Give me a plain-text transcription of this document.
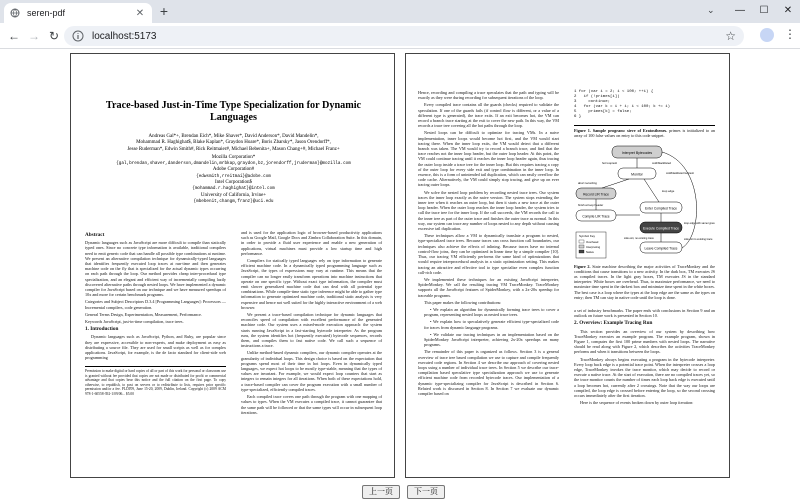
seren-pdf	✕ +	⌄	—	☐	✕
← → ↻	localhost:5173	☆	⋮
Trace-based Just-in-Time Type Specialization for Dynamic Languages
Andreas Gal*+, Brendan Eich*, Mike Shaver*, David Anderson*, David Mandelin*,
Mohammad R. Haghighat$, Blake Kaplan*, Graydon Hoare*, Boris Zbarsky*, Jason Orendorff*,
Jesse Ruderman*, Edwin Smith#, Rick Reitmaier#, Michael Bebenita+, Mason Chang+#, Michael Franz+
Mozilla Corporation*
{gal,brendan,shaver,danderson,dmandelin,mrbkap,graydon,bz,jorendorff,jruderman}@mozilla.com
Adobe Corporation#
{edwsmith,rreitmai}@adobe.com
Intel Corporation$
{mohammad.r.haghighat}@intel.com
University of California, Irvine+
{mbebenit,changm,franz}@uci.edu
Abstract

Dynamic languages such as JavaScript are more difficult to compile than statically typed ones. Since no concrete type information is available, traditional compilers need to emit generic code that can handle all possible type combinations at runtime. We present an alternative compilation technique for dynamically-typed languages that identifies frequently executed loop traces at run-time and then generates machine code on the fly that is specialized for the actual dynamic types occurring on each path through the loop. Our method provides cheap inter-procedural type specialization, and an elegant and efficient way of incrementally compiling lazily discovered alternative paths through nested loops. We have implemented a dynamic compiler for JavaScript based on our technique and we have measured speedups of 10x and more for certain benchmark programs.

Categories and Subject Descriptors D.3.4 [Programming Languages]: Processors — Incremental compilers, code generation.

General Terms Design, Experimentation, Measurement, Performance.

Keywords JavaScript, just-in-time compilation, trace trees.

1. Introduction

Dynamic languages such as JavaScript, Python, and Ruby, are popular since they are expressive, accessible to non-experts, and make deployment as easy as distributing a source file. They are used for small scripts as well as for complex applications. JavaScript, for example, is the de facto standard for client-side web programming

Permission to make digital or hard copies of all or part of this work for personal or classroom use is granted without fee provided that copies are not made or distributed for profit or commercial advantage and that copies bear this notice and the full citation on the first page. To copy otherwise, to republish, to post on servers or to redistribute to lists, requires prior specific permission and/or a fee. PLDI'09, June 15-20, 2009, Dublin, Ireland. Copyright (c) 2009 ACM 978-1-60558-392-1/09/06... $5.00

and is used for the application logic of browser-based productivity applications such as Google Mail, Google Docs and Zimbra Collaboration Suite. In this domain, in order to provide a fluid user experience and enable a new generation of applications, virtual machines must provide a low startup time and high performance.

Compilers for statically typed languages rely on type information to generate efficient machine code. In a dynamically typed programming language such as JavaScript, the types of expressions may vary at runtime. This means that the compiler can no longer easily transform operations into machine instructions that operate on one specific type. Without exact type information, the compiler must emit slower generalized machine code that can deal with all potential type combinations. While compile-time static type inference might be able to gather type information to generate optimized machine code, traditional static analysis is very expensive and hence not well suited for the highly interactive environment of a web browser.

We present a trace-based compilation technique for dynamic languages that reconciles speed of compilation with excellent performance of the generated machine code. Our system uses a mixed-mode execution approach: the system starts running JavaScript in a fast-starting bytecode interpreter. As the program runs, the system identifies hot (frequently executed) bytecode sequences, records them, and compiles them to fast native code. We call such a sequence of instructions a trace.

Unlike method-based dynamic compilers, our dynamic compiler operates at the granularity of individual loops. This design choice is based on the expectation that programs spend most of their time in hot loops. Even in dynamically typed languages, we expect hot loops to be mostly type-stable, meaning that the types of values are invariant. For example, we would expect loop counters that start as integers to remain integers for all iterations. When both of these expectations hold, a trace-based compiler can cover the program execution with a small number of type-specialized, efficiently compiled traces.

Each compiled trace covers one path through the program with one mapping of values to types. When the VM executes a compiled trace, it cannot guarantee that the same path will be followed or that the same types will occur in subsequent loop iterations.

Hence, recording and compiling a trace speculates that the path and typing will be exactly as they were during recording for subsequent iterations of the loop.

Every compiled trace contains all the guards (checks) required to validate the speculation. If one of the guards fails (if control flow is different, or a value of a different type is generated), the trace exits. If an exit becomes hot, the VM can record a branch trace starting at the exit to cover the new path. In this way, the VM records a trace tree covering all the hot paths through the loop.

Nested loops can be difficult to optimize for tracing VMs. In a naive implementation, inner loops would become hot first, and the VM would start tracing there. When the inner loop exits, the VM would detect that a different branch was taken. The VM would try to record a branch trace, and find that the trace reaches not the inner loop header, but the outer loop header. At this point, the VM could continue tracing until it reaches the inner loop header again, thus tracing the outer loop inside a trace tree for the inner loop. But this requires tracing a copy of the outer loop for every side exit and type combination in the inner loop. In essence, this is a form of unintended tail duplication, which can easily overflow the code cache. Alternatively, the VM could simply stop tracing, and give up on ever tracing outer loops.

We solve the nested loop problem by recording nested trace trees. Our system traces the inner loop exactly as the naive version. The system stops extending the inner tree when it reaches an outer loop, but then it starts a new trace at the outer loop header. When the outer loop reaches the inner loop header, the system tries to call the trace tree for the inner loop. If the call succeeds, the VM records the call to the inner tree as part of the outer trace and finishes the outer trace as normal. In this way, our system can trace any number of loops nested to any depth without causing excessive tail duplication.

These techniques allow a VM to dynamically translate a program to nested, type-specialized trace trees. Because traces can cross function call boundaries, our techniques also achieve the effects of inlining. Because traces have no internal control-flow joins, they can be optimized in linear time by a simple compiler [10]. Thus, our tracing VM efficiently performs the same kind of optimizations that would require interprocedural analysis in a static optimization setting. This makes tracing an attractive and effective tool to type specialize even complex function call-rich code.

We implemented these techniques for an existing JavaScript interpreter, SpiderMonkey. We call the resulting tracing VM TraceMonkey. TraceMonkey supports all the JavaScript features of SpiderMonkey, with a 2x-20x speedup for traceable programs.

This paper makes the following contributions:

• We explain an algorithm for dynamically forming trace trees to cover a program, representing nested loops as nested trace trees.

• We explain how to speculatively generate efficient type-specialized code for traces from dynamic language programs.

• We validate our tracing techniques in an implementation based on the SpiderMonkey JavaScript interpreter, achieving 2x-20x speedups on many programs.

The remainder of this paper is organized as follows. Section 3 is a general overview of trace tree based compilation we use to capture and compile frequently executed code regions. In Section 4 we describe our approach of covering nested loops using a number of individual trace trees. In Section 5 we describe our trace-compilation based speculative type specialization approach we use to generate efficient machine code from recorded bytecode traces. Our implementation of a dynamic type-specializing compiler for JavaScript is described in Section 6. Related work is discussed in Section 8. In Section 7 we evaluate our dynamic compiler based on

1 for (var i = 2; i < 100; ++i) {
2   if (!primes[i])
3     continue;
4   for (var k = i + i; i < 100; k += i)
5     primes[k] = false;
6 }

Figure 1. Sample program: sieve of Eratosthenes. primes is initialized to an array of 100 false values on entry to this code snippet.

Interpret Bytecodes
Monitor
Record LIR Trace
Compile LIR Trace
Enter Compiled Trace
Execute Compiled Trace
Leave Compiled Trace
abort recording
finish at loop header
cold/blacklisted
hot loop/exit
loop edge with same types
side exit, no existing trace	side exit to existing trace
loop edge
cold/blacklisted loop/exit
Symbol Key
Overhead
Interpreting
Native

Figure 2. State machine describing the major activities of TraceMonkey and the conditions that cause transitions to a new activity. In the dark box, TM executes JS as compiled traces. In the light gray boxes, TM executes JS in the standard interpreter. White boxes are overhead. Thus, to maximize performance, we need to maximize time spent in the darkest box and minimize time spent in the white boxes. The best case is a loop where the types at the loop edge are the same as the types on entry; then TM can stay in native code until the loop is done.

a set of industry benchmarks. The paper ends with conclusions in Section 9 and an outlook on future work is presented in Section 10.

2. Overview: Example Tracing Run

This section provides an overview of our system by describing how TraceMonkey executes an example program. The example program, shown in Figure 1, computes the first 100 prime numbers with nested loops. The narrative should be read along with Figure 2, which describes the activities TraceMonkey performs and when it transitions between the loops.

TraceMonkey always begins executing a program in the bytecode interpreter. Every loop back edge is a potential trace point. When the interpreter crosses a loop edge, TraceMonkey invokes the trace monitor, which may decide to record or execute a native trace. At the start of execution, there are no compiled traces yet, so the trace monitor counts the number of times each loop back edge is executed until a loop becomes hot, currently after 2 crossings. Note that the way our loops are compiled, the loop edge is crossed before entering the loop, so the second crossing occurs immediately after the first iteration.

Here is the sequence of events broken down by outer loop iteration:

上一页	下一页
